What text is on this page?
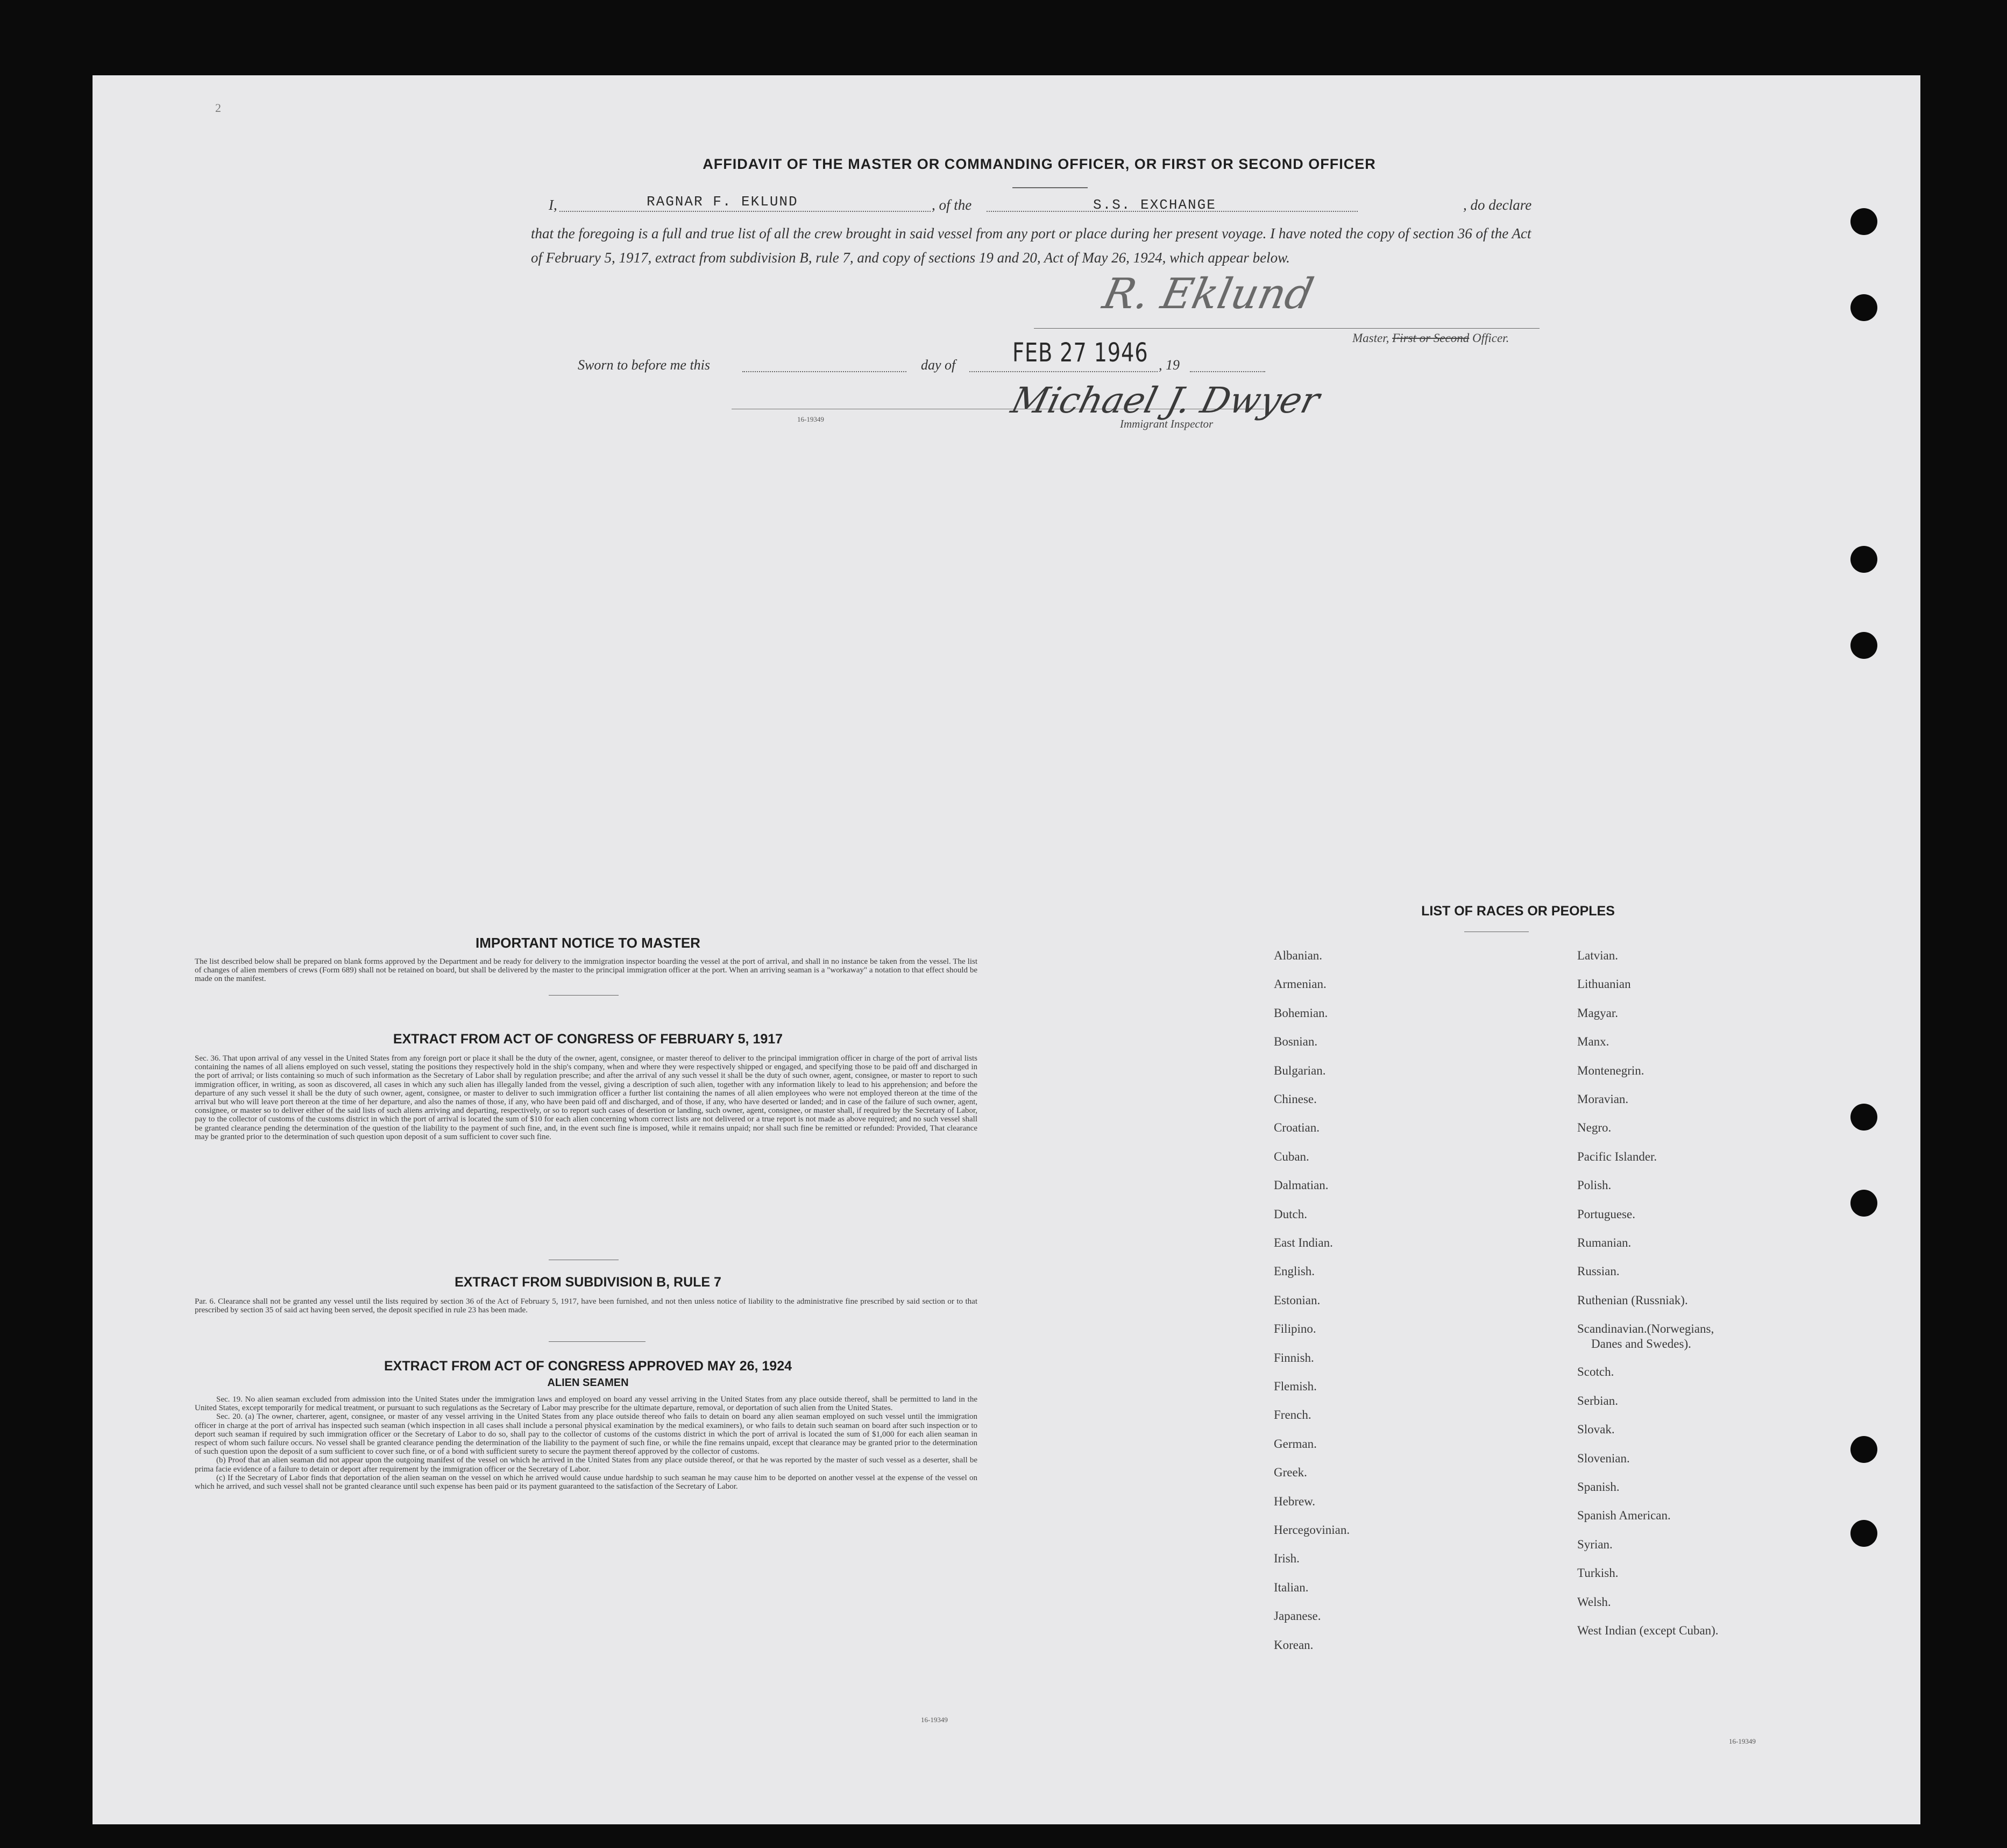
2
AFFIDAVIT OF THE MASTER OR COMMANDING OFFICER, OR FIRST OR SECOND OFFICER
I,	RAGNAR F. EKLUND	, of the	S.S. EXCHANGE	, do declare
that the foregoing is a full and true list of all the crew brought in said vessel from any port or place during her present voyage. I have noted the copy of section 36 of the Act of February 5, 1917, extract from subdivision B, rule 7, and copy of sections 19 and 20, Act of May 26, 1924, which appear below.
R. Eklund
Master, First or Second Officer.
Sworn to before me this	day of FEB 27 1946 , 19
16-19349	Michael J. Dwyer
Immigrant Inspector
IMPORTANT NOTICE TO MASTER
The list described below shall be prepared on blank forms approved by the Department and be ready for delivery to the immigration inspector boarding the vessel at the port of arrival, and shall in no instance be taken from the vessel. The list of changes of alien members of crews (Form 689) shall not be retained on board, but shall be delivered by the master to the principal immigration officer at the port. When an arriving seaman is a "workaway" a notation to that effect should be made on the manifest.
EXTRACT FROM ACT OF CONGRESS OF FEBRUARY 5, 1917
Sec. 36. That upon arrival of any vessel in the United States from any foreign port or place it shall be the duty of the owner, agent, consignee, or master thereof to deliver to the principal immigration officer in charge of the port of arrival lists containing the names of all aliens employed on such vessel, stating the positions they respectively hold in the ship's company, when and where they were respectively shipped or engaged, and specifying those to be paid off and discharged in the port of arrival; or lists containing so much of such information as the Secretary of Labor shall by regulation prescribe; and after the arrival of any such vessel it shall be the duty of such owner, agent, consignee, or master to report to such immigration officer, in writing, as soon as discovered, all cases in which any such alien has illegally landed from the vessel, giving a description of such alien, together with any information likely to lead to his apprehension; and before the departure of any such vessel it shall be the duty of such owner, agent, consignee, or master to deliver to such immigration officer a further list containing the names of all alien employees who were not employed thereon at the time of the arrival but who will leave port thereon at the time of her departure, and also the names of those, if any, who have been paid off and discharged, and of those, if any, who have deserted or landed; and in case of the failure of such owner, agent, consignee, or master so to deliver either of the said lists of such aliens arriving and departing, respectively, or so to report such cases of desertion or landing, such owner, agent, consignee, or master shall, if required by the Secretary of Labor, pay to the collector of customs of the customs district in which the port of arrival is located the sum of $10 for each alien concerning whom correct lists are not delivered or a true report is not made as above required; and no such vessel shall be granted clearance pending the determination of the question of the liability to the payment of such fine, and, in the event such fine is imposed, while it remains unpaid; nor shall such fine be remitted or refunded: Provided, That clearance may be granted prior to the determination of such question upon deposit of a sum sufficient to cover such fine.
EXTRACT FROM SUBDIVISION B, RULE 7
Par. 6. Clearance shall not be granted any vessel until the lists required by section 36 of the Act of February 5, 1917, have been furnished, and not then unless notice of liability to the administrative fine prescribed by said section or to that prescribed by section 35 of said act having been served, the deposit specified in rule 23 has been made.
EXTRACT FROM ACT OF CONGRESS APPROVED MAY 26, 1924
ALIEN SEAMEN
Sec. 19. No alien seaman excluded from admission into the United States under the immigration laws and employed on board any vessel arriving in the United States from any place outside thereof, shall be permitted to land in the United States, except temporarily for medical treatment, or pursuant to such regulations as the Secretary of Labor may prescribe for the ultimate departure, removal, or deportation of such alien from the United States.
Sec. 20. (a) The owner, charterer, agent, consignee, or master of any vessel arriving in the United States from any place outside thereof who fails to detain on board any alien seaman employed on such vessel until the immigration officer in charge at the port of arrival has inspected such seaman (which inspection in all cases shall include a personal physical examination by the medical examiners), or who fails to detain such seaman on board after such inspection or to deport such seaman if required by such immigration officer or the Secretary of Labor to do so, shall pay to the collector of customs of the customs district in which the port of arrival is located the sum of $1,000 for each alien seaman in respect of whom such failure occurs. No vessel shall be granted clearance pending the determination of the liability to the payment of such fine, or while the fine remains unpaid, except that clearance may be granted prior to the determination of such question upon the deposit of a sum sufficient to cover such fine, or of a bond with sufficient surety to secure the payment thereof approved by the collector of customs.
(b) Proof that an alien seaman did not appear upon the outgoing manifest of the vessel on which he arrived in the United States from any place outside thereof, or that he was reported by the master of such vessel as a deserter, shall be prima facie evidence of a failure to detain or deport after requirement by the immigration officer or the Secretary of Labor.
(c) If the Secretary of Labor finds that deportation of the alien seaman on the vessel on which he arrived would cause undue hardship to such seaman he may cause him to be deported on another vessel at the expense of the vessel on which he arrived, and such vessel shall not be granted clearance until such expense has been paid or its payment guaranteed to the satisfaction of the Secretary of Labor.
16-19349
LIST OF RACES OR PEOPLES
16-19349
Albanian.
Armenian.
Bohemian.
Bosnian.
Bulgarian.
Chinese.
Croatian.
Cuban.
Dalmatian.
Dutch.
East Indian.
English.
Estonian.
Filipino.
Finnish.
Flemish.
French.
German.
Greek.
Hebrew.
Hercegovinian.
Irish.
Italian.
Japanese.
Korean.
Latvian.
Lithuanian
Magyar.
Manx.
Montenegrin.
Moravian.
Negro.
Pacific Islander.
Polish.
Portuguese.
Rumanian.
Russian.
Ruthenian (Russniak).
Scandinavian.(Norwegians,
Danes and Swedes).
Scotch.
Serbian.
Slovak.
Slovenian.
Spanish.
Spanish American.
Syrian.
Turkish.
Welsh.
West Indian (except Cuban).
